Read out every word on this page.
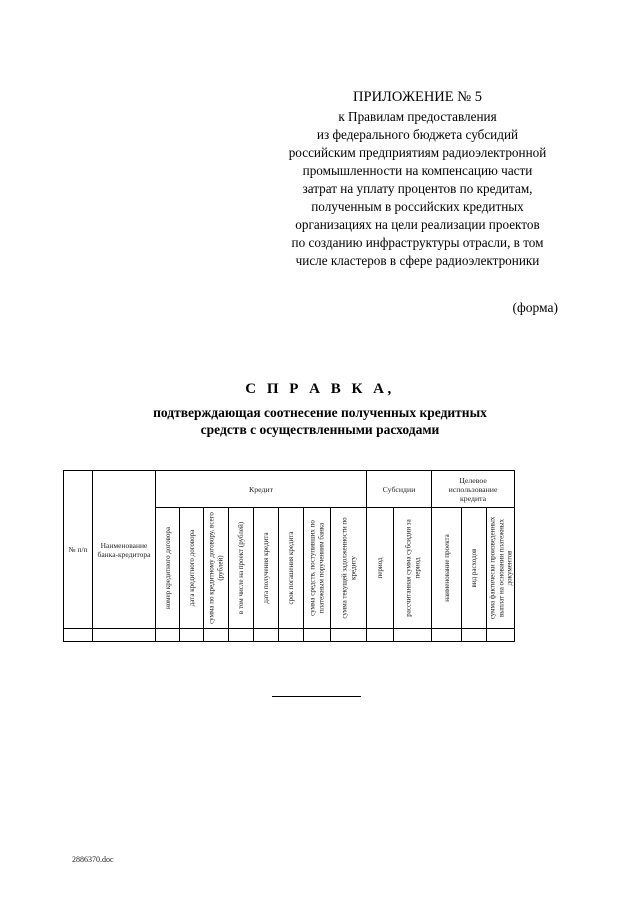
ПРИЛОЖЕНИЕ № 5
к Правилам предоставления
из федерального бюджета субсидий
российским предприятиям радиоэлектронной
промышленности на компенсацию части
затрат на уплату процентов по кредитам,
полученным в российских кредитных
организациях на цели реализации проектов
по созданию инфраструктуры отрасли, в том
числе кластеров в сфере радиоэлектроники
(форма)
С П Р А В К А,
подтверждающая соотнесение полученных кредитных
средств с осуществленными расходами
№ п/п	Наименование банка-кредитора	Кредит								Субсидии		Целевое использование кредита			

		номер кредитного договора	дата кредитного договора	сумма по кредитному договору, всего (рублей)	в том числе на проект (рублей)	дата получения кредита	срок погашения кредита	сумма средств, поступивших по платежным поручениям банка	сумма текущей задолженности по кредиту	период	рассчитанная сумма субсидии за период	наименование проекта	вид расходов	сумма фактически произведенных выплат на основании платежных документов	

2886370.doc
